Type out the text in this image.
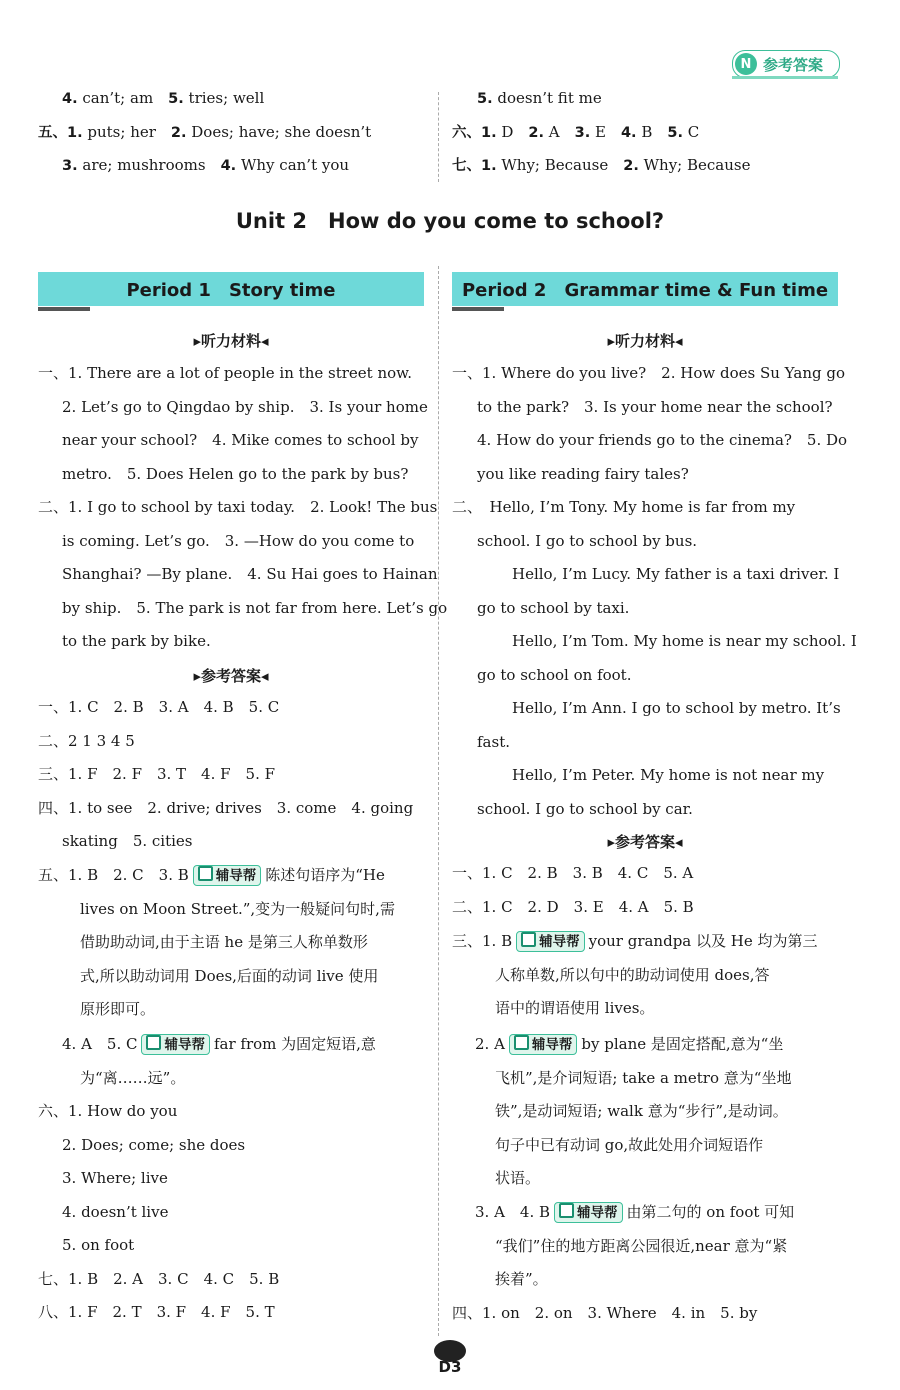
N 参考答案
4. can’t; am　5. tries; well
五、1. puts; her　2. Does; have; she doesn’t
3. are; mushrooms　4. Why can’t you
5. doesn’t fit me
六、1. D　2. A　3. E　4. B　5. C
七、1. Why; Because　2. Why; Because
Unit 2　How do you come to school?
Period 1　Story time	Period 2　Grammar time & Fun time
▸听力材料◂
▸参考答案◂
▸听力材料◂
▸参考答案◂
一、1. There are a lot of people in the street now.
2. Let’s go to Qingdao by ship.　3. Is your home
near your school?　4. Mike comes to school by
metro.　5. Does Helen go to the park by bus?
二、1. I go to school by taxi today.　2. Look! The bus
is coming. Let’s go.　3. —How do you come to
Shanghai? —By plane.　4. Su Hai goes to Hainan
by ship.　5. The park is not far from here. Let’s go
to the park by bike.
一、1. C　2. B　3. A　4. B　5. C
二、2 1 3 4 5
三、1. F　2. F　3. T　4. F　5. F
四、1. to see　2. drive; drives　3. come　4. going
skating　5. cities
五、1. B　2. C　3. B 辅导帮 陈述句语序为“He
lives on Moon Street.”,变为一般疑问句时,需
借助助动词,由于主语 he 是第三人称单数形
式,所以助动词用 Does,后面的动词 live 使用
原形即可。
4. A　5. C 辅导帮 far from 为固定短语,意
为“离……远”。
六、1. How do you
2. Does; come; she does
3. Where; live
4. doesn’t live
5. on foot
七、1. B　2. A　3. C　4. C　5. B
八、1. F　2. T　3. F　4. F　5. T
一、1. Where do you live?　2. How does Su Yang go
to the park?　3. Is your home near the school?
4. How do your friends go to the cinema?　5. Do
you like reading fairy tales?
二、　Hello, I’m Tony. My home is far from my
school. I go to school by bus.
Hello, I’m Lucy. My father is a taxi driver. I
go to school by taxi.
Hello, I’m Tom. My home is near my school. I
go to school on foot.
Hello, I’m Ann. I go to school by metro. It’s
fast.
Hello, I’m Peter. My home is not near my
school. I go to school by car.
一、1. C　2. B　3. B　4. C　5. A
二、1. C　2. D　3. E　4. A　5. B
三、1. B 辅导帮 your grandpa 以及 He 均为第三
人称单数,所以句中的助动词使用 does,答
语中的谓语使用 lives。
2. A 辅导帮 by plane 是固定搭配,意为“坐
飞机”,是介词短语; take a metro 意为“坐地
铁”,是动词短语; walk 意为“步行”,是动词。
句子中已有动词 go,故此处用介词短语作
状语。
3. A　4. B 辅导帮 由第二句的 on foot 可知
“我们”住的地方距离公园很近,near 意为“紧
挨着”。
四、1. on　2. on　3. Where　4. in　5. by
D3
